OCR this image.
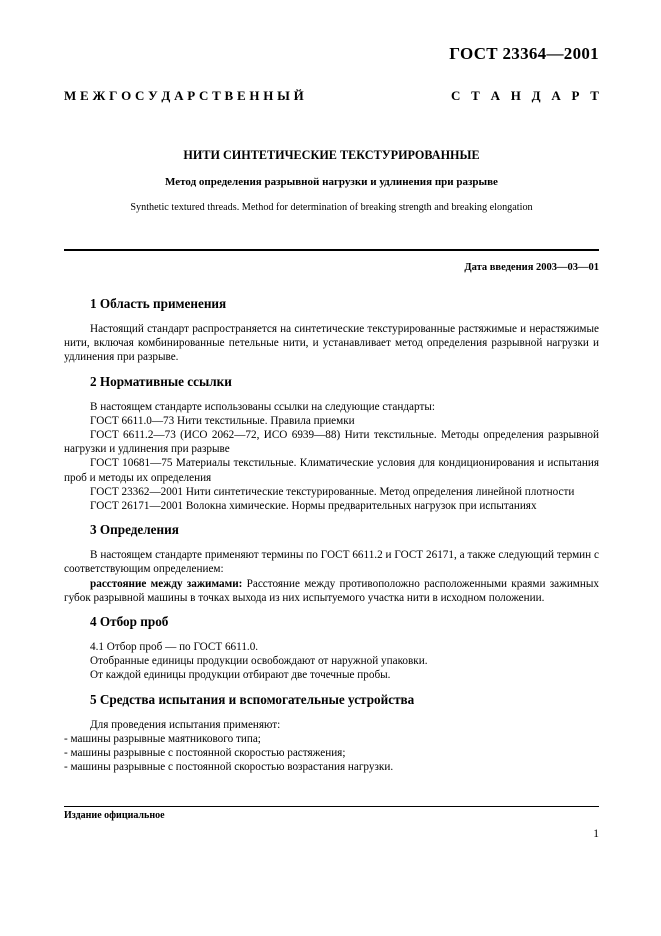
ГОСТ 23364—2001
М Е Ж Г О С У Д А Р С Т В Е Н Н Ы Й	С Т А Н Д А Р Т
НИТИ СИНТЕТИЧЕСКИЕ ТЕКСТУРИРОВАННЫЕ
Метод определения разрывной нагрузки и удлинения при разрыве
Synthetic textured threads. Method for determination of breaking strength and breaking elongation
Дата введения 2003—03—01
1 Область применения

Настоящий стандарт распространяется на синтетические текстурированные растяжимые и нерастяжимые нити, включая комбинированные петельные нити, и устанавливает метод определения разрывной нагрузки и удлинения при разрыве.

2 Нормативные ссылки

В настоящем стандарте использованы ссылки на следующие стандарты:

ГОСТ 6611.0—73 Нити текстильные. Правила приемки

ГОСТ 6611.2—73 (ИСО 2062—72, ИСО 6939—88) Нити текстильные. Методы определения разрывной нагрузки и удлинения при разрыве

ГОСТ 10681—75 Материалы текстильные. Климатические условия для кондиционирования и испытания проб и методы их определения

ГОСТ 23362—2001 Нити синтетические текстурированные. Метод определения линейной плотности

ГОСТ 26171—2001 Волокна химические. Нормы предварительных нагрузок при испытаниях

3 Определения

В настоящем стандарте применяют термины по ГОСТ 6611.2 и ГОСТ 26171, а также следующий термин с соответствующим определением:

расстояние между зажимами: Расстояние между противоположно расположенными краями зажимных губок разрывной машины в точках выхода из них испытуемого участка нити в исходном положении.

4 Отбор проб

4.1 Отбор проб — по ГОСТ 6611.0.

Отобранные единицы продукции освобождают от наружной упаковки.

От каждой единицы продукции отбирают две точечные пробы.

5 Средства испытания и вспомогательные устройства

Для проведения испытания применяют:

- машины разрывные маятникового типа;

- машины разрывные с постоянной скоростью растяжения;

- машины разрывные с постоянной скоростью возрастания нагрузки.

Издание официальное
1
